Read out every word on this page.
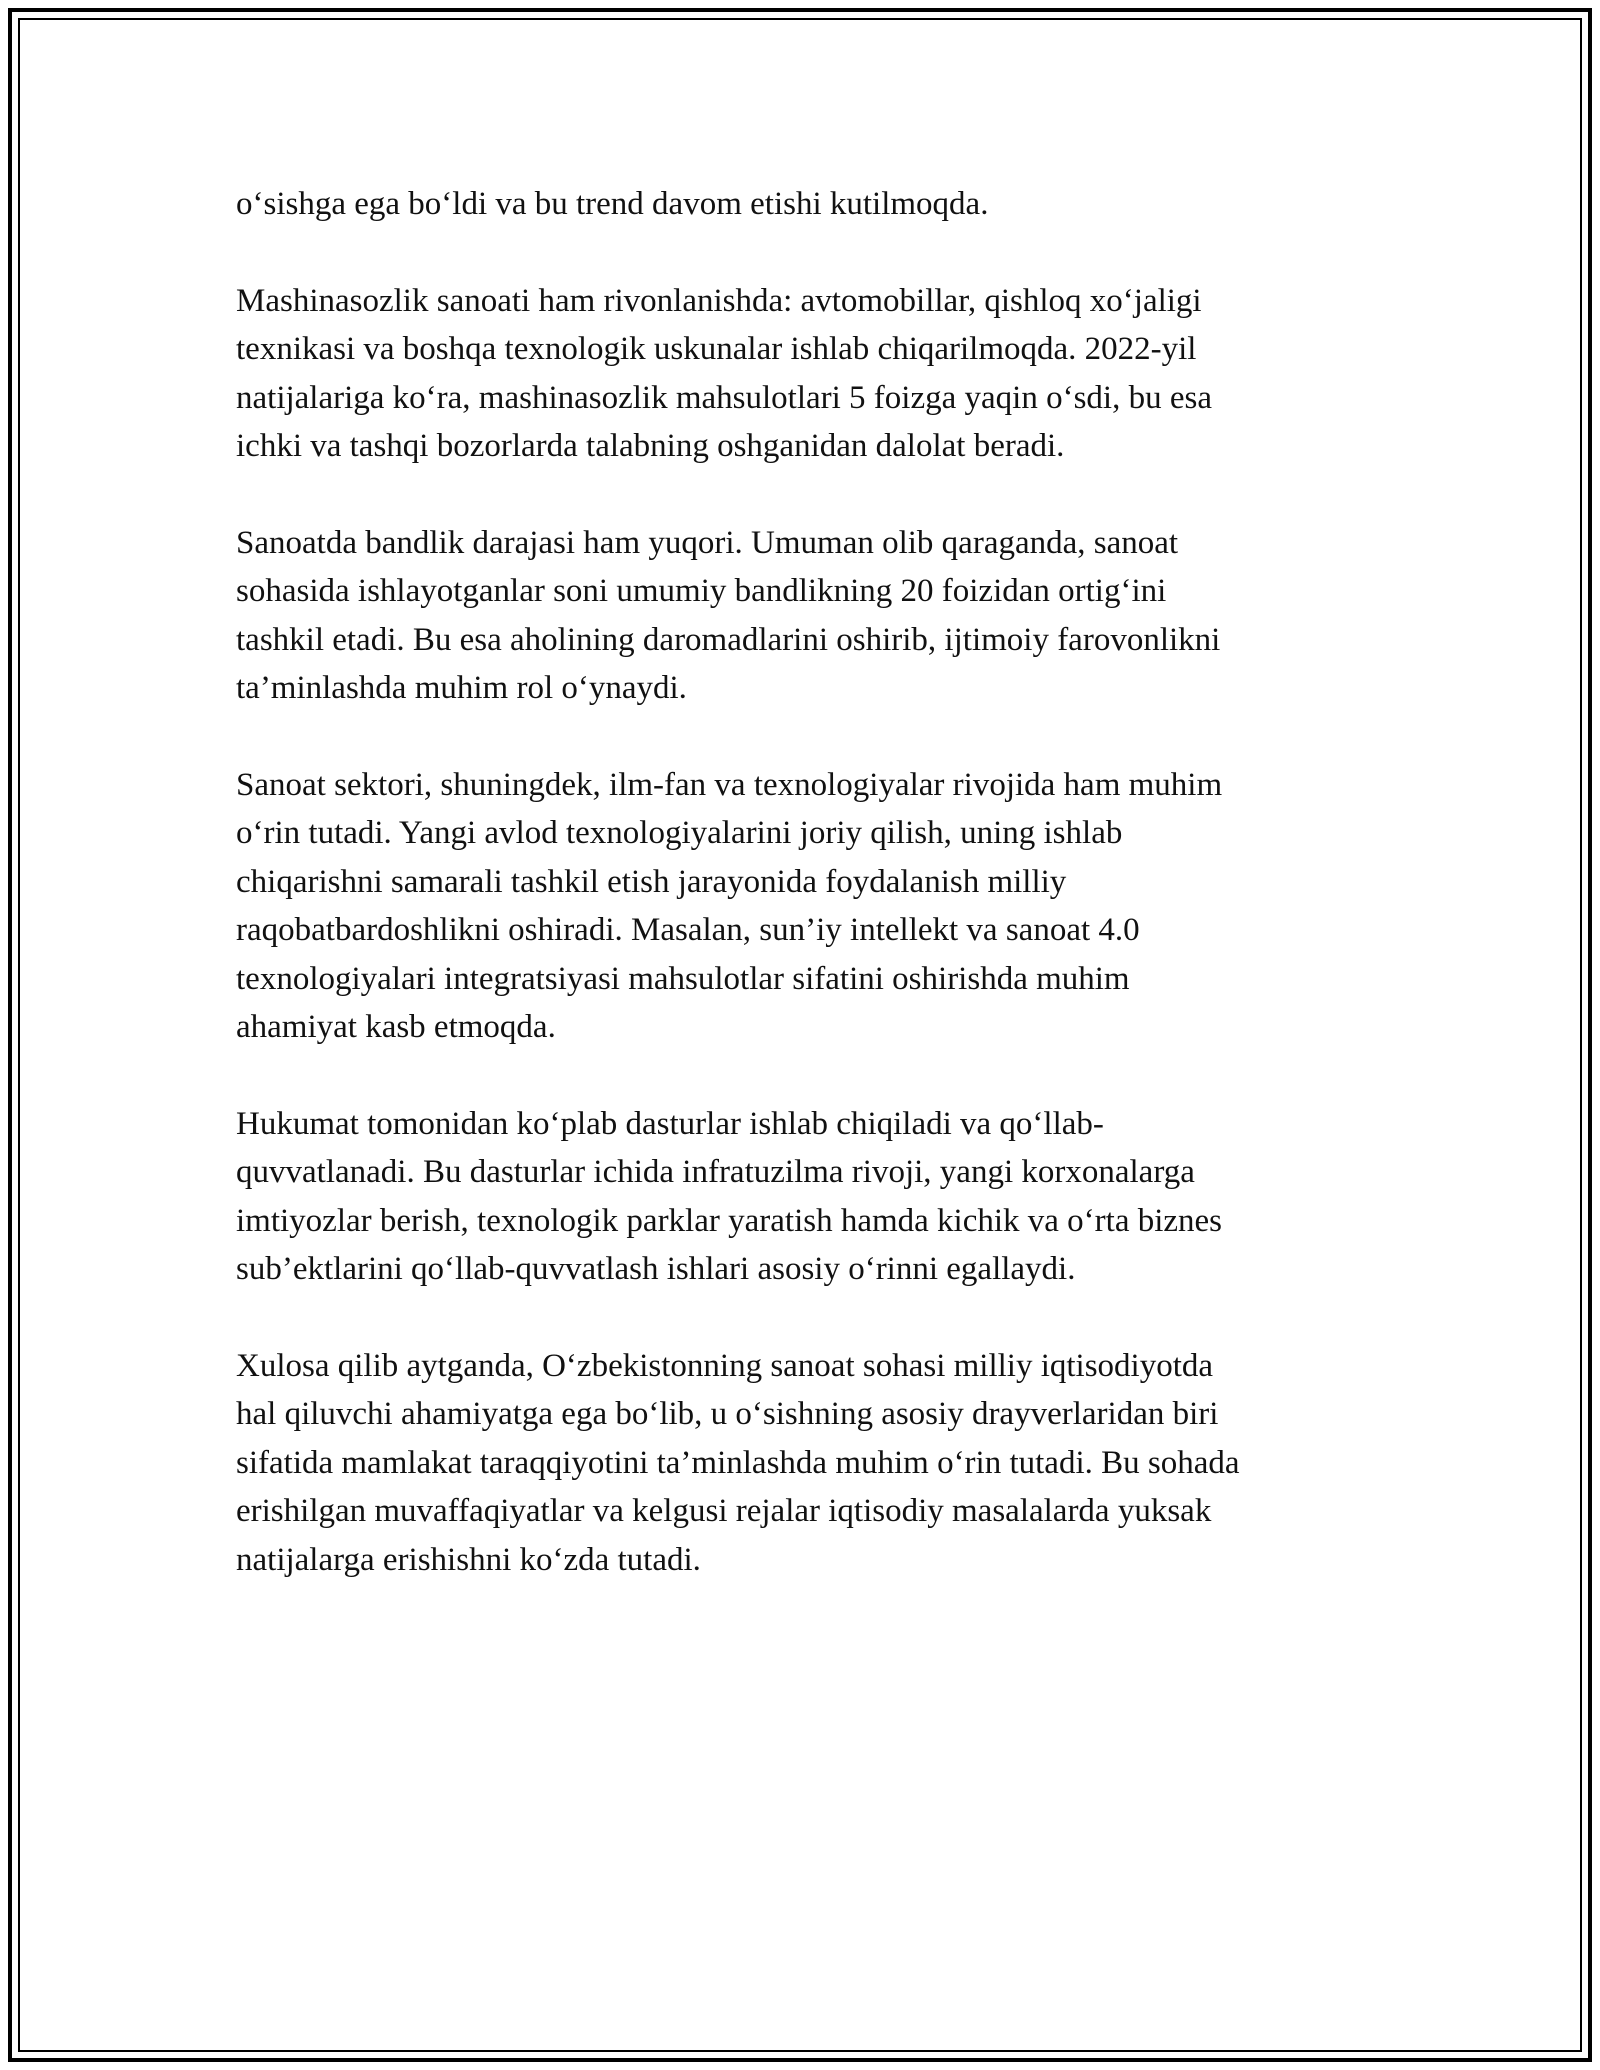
o‘sishga ega bo‘ldi va bu trend davom etishi kutilmoqda.

Mashinasozlik sanoati ham rivonlanishda: avtomobillar, qishloq xo‘jaligi
texnikasi va boshqa texnologik uskunalar ishlab chiqarilmoqda. 2022-yil
natijalariga ko‘ra, mashinasozlik mahsulotlari 5 foizga yaqin o‘sdi, bu esa
ichki va tashqi bozorlarda talabning oshganidan dalolat beradi.

Sanoatda bandlik darajasi ham yuqori. Umuman olib qaraganda, sanoat
sohasida ishlayotganlar soni umumiy bandlikning 20 foizidan ortig‘ini
tashkil etadi. Bu esa aholining daromadlarini oshirib, ijtimoiy farovonlikni
ta’minlashda muhim rol o‘ynaydi.

Sanoat sektori, shuningdek, ilm-fan va texnologiyalar rivojida ham muhim
o‘rin tutadi. Yangi avlod texnologiyalarini joriy qilish, uning ishlab
chiqarishni samarali tashkil etish jarayonida foydalanish milliy
raqobatbardoshlikni oshiradi. Masalan, sun’iy intellekt va sanoat 4.0
texnologiyalari integratsiyasi mahsulotlar sifatini oshirishda muhim
ahamiyat kasb etmoqda.

Hukumat tomonidan ko‘plab dasturlar ishlab chiqiladi va qo‘llab-
quvvatlanadi. Bu dasturlar ichida infratuzilma rivoji, yangi korxonalarga
imtiyozlar berish, texnologik parklar yaratish hamda kichik va o‘rta biznes
sub’ektlarini qo‘llab-quvvatlash ishlari asosiy o‘rinni egallaydi.

Xulosa qilib aytganda, O‘zbekistonning sanoat sohasi milliy iqtisodiyotda
hal qiluvchi ahamiyatga ega bo‘lib, u o‘sishning asosiy drayverlaridan biri
sifatida mamlakat taraqqiyotini ta’minlashda muhim o‘rin tutadi. Bu sohada
erishilgan muvaffaqiyatlar va kelgusi rejalar iqtisodiy masalalarda yuksak
natijalarga erishishni ko‘zda tutadi.
